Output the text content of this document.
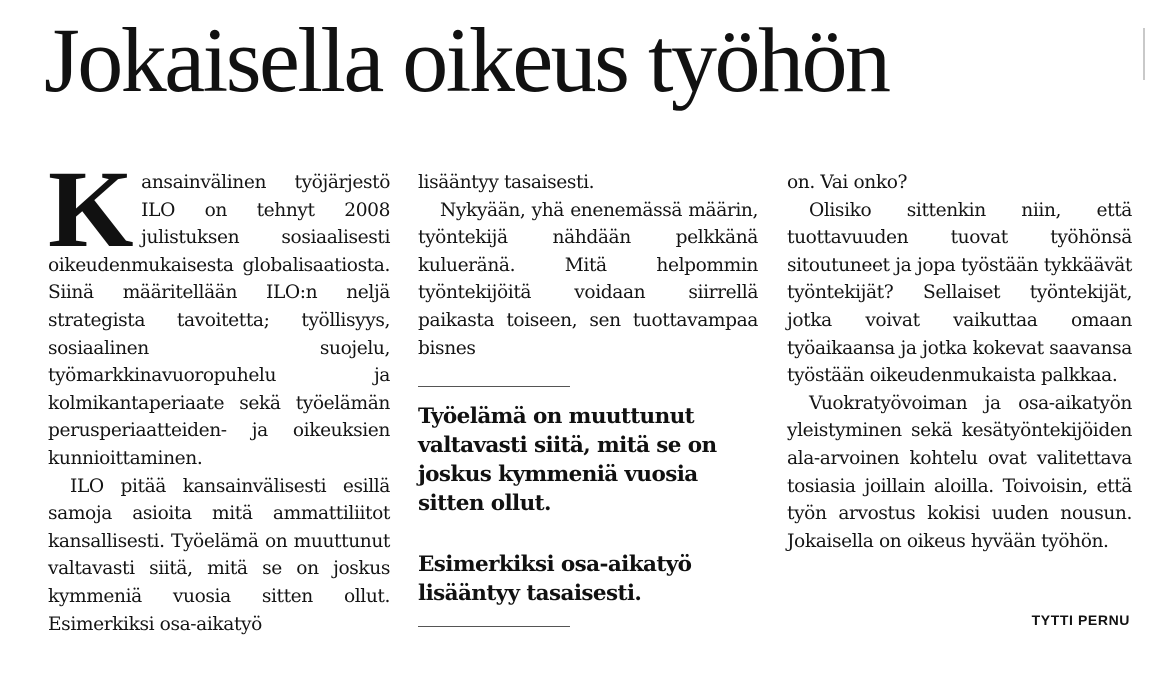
Jokaisella oikeus työhön

Kansainvälinen työjärjestö ILO on tehnyt 2008 julistuksen sosiaalisesti oikeudenmukaisesta globalisaatiosta. Siinä määritellään ILO:n neljä strategista tavoitetta; työllisyys, sosiaalinen suojelu, työmarkkinavuoropuhelu ja kolmikantaperiaate sekä työelämän perusperiaatteiden- ja oikeuksien kunnioittaminen.

ILO pitää kansainvälisesti esillä samoja asioita mitä ammattiliitot kansallisesti. Työelämä on muuttunut valtavasti siitä, mitä se on joskus kymmeniä vuosia sitten ollut. Esimerkiksi osa-aikatyö

lisääntyy tasaisesti.

Nykyään, yhä enenemässä määrin, työntekijä nähdään pelkkänä kulueränä. Mitä helpommin työntekijöitä voidaan siirrellä paikasta toiseen, sen tuottavampaa bisnes

Työelämä on muuttunut valtavasti siitä, mitä se on joskus kymmeniä vuosia sitten ollut.

Esimerkiksi osa-aikatyö lisääntyy tasaisesti.

on. Vai onko?

Olisiko sittenkin niin, että tuottavuuden tuovat työhönsä sitoutuneet ja jopa työstään tykkäävät työntekijät? Sellaiset työntekijät, jotka voivat vaikuttaa omaan työaikaansa ja jotka kokevat saavansa työstään oikeudenmukaista palkkaa.

Vuokratyövoiman ja osa-aikatyön yleistyminen sekä kesätyöntekijöiden ala-arvoinen kohtelu ovat valitettava tosiasia joillain aloilla. Toivoisin, että työn arvostus kokisi uuden nousun. Jokaisella on oikeus hyvään työhön.

TYTTI PERNU
